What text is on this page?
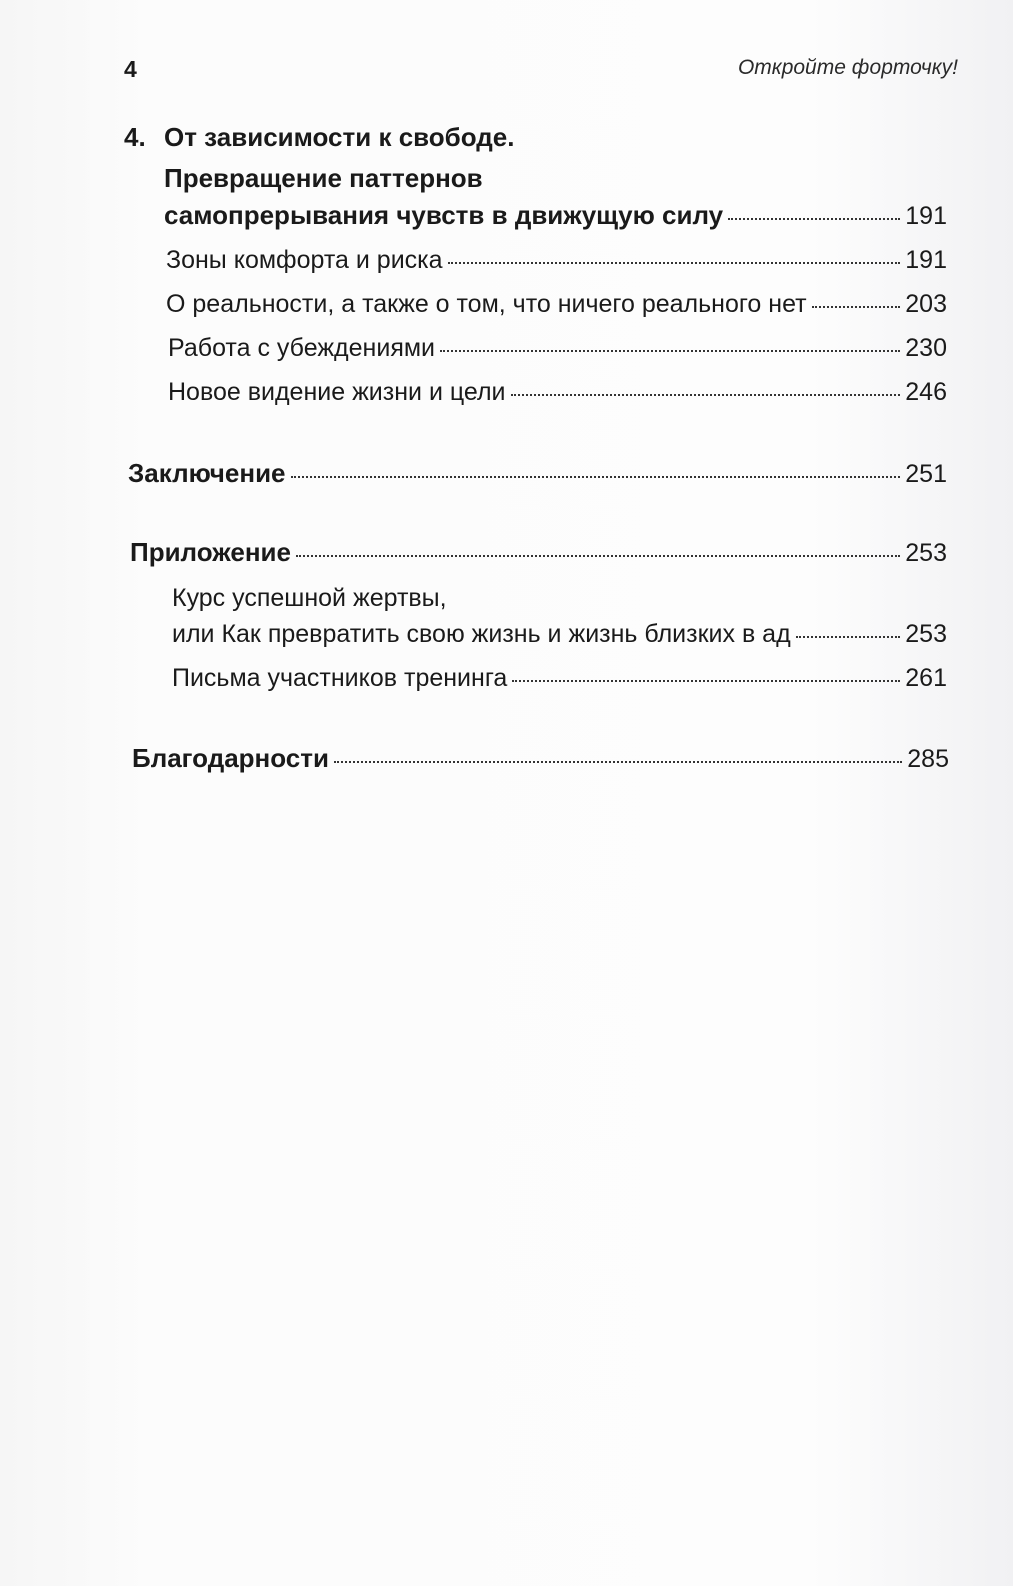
4	Откройте форточку!
4. От зависимости к свободе.
Превращение паттернов
самопрерывания чувств в движущую силу	191
Зоны комфорта и риска	191
О реальности, а также о том, что ничего реального нет	203
Работа с убеждениями	230
Новое видение жизни и цели	246
Заключение	251
Приложение	253
Курс успешной жертвы,
или Как превратить свою жизнь и жизнь близких в ад	253
Письма участников тренинга	261
Благодарности	285
